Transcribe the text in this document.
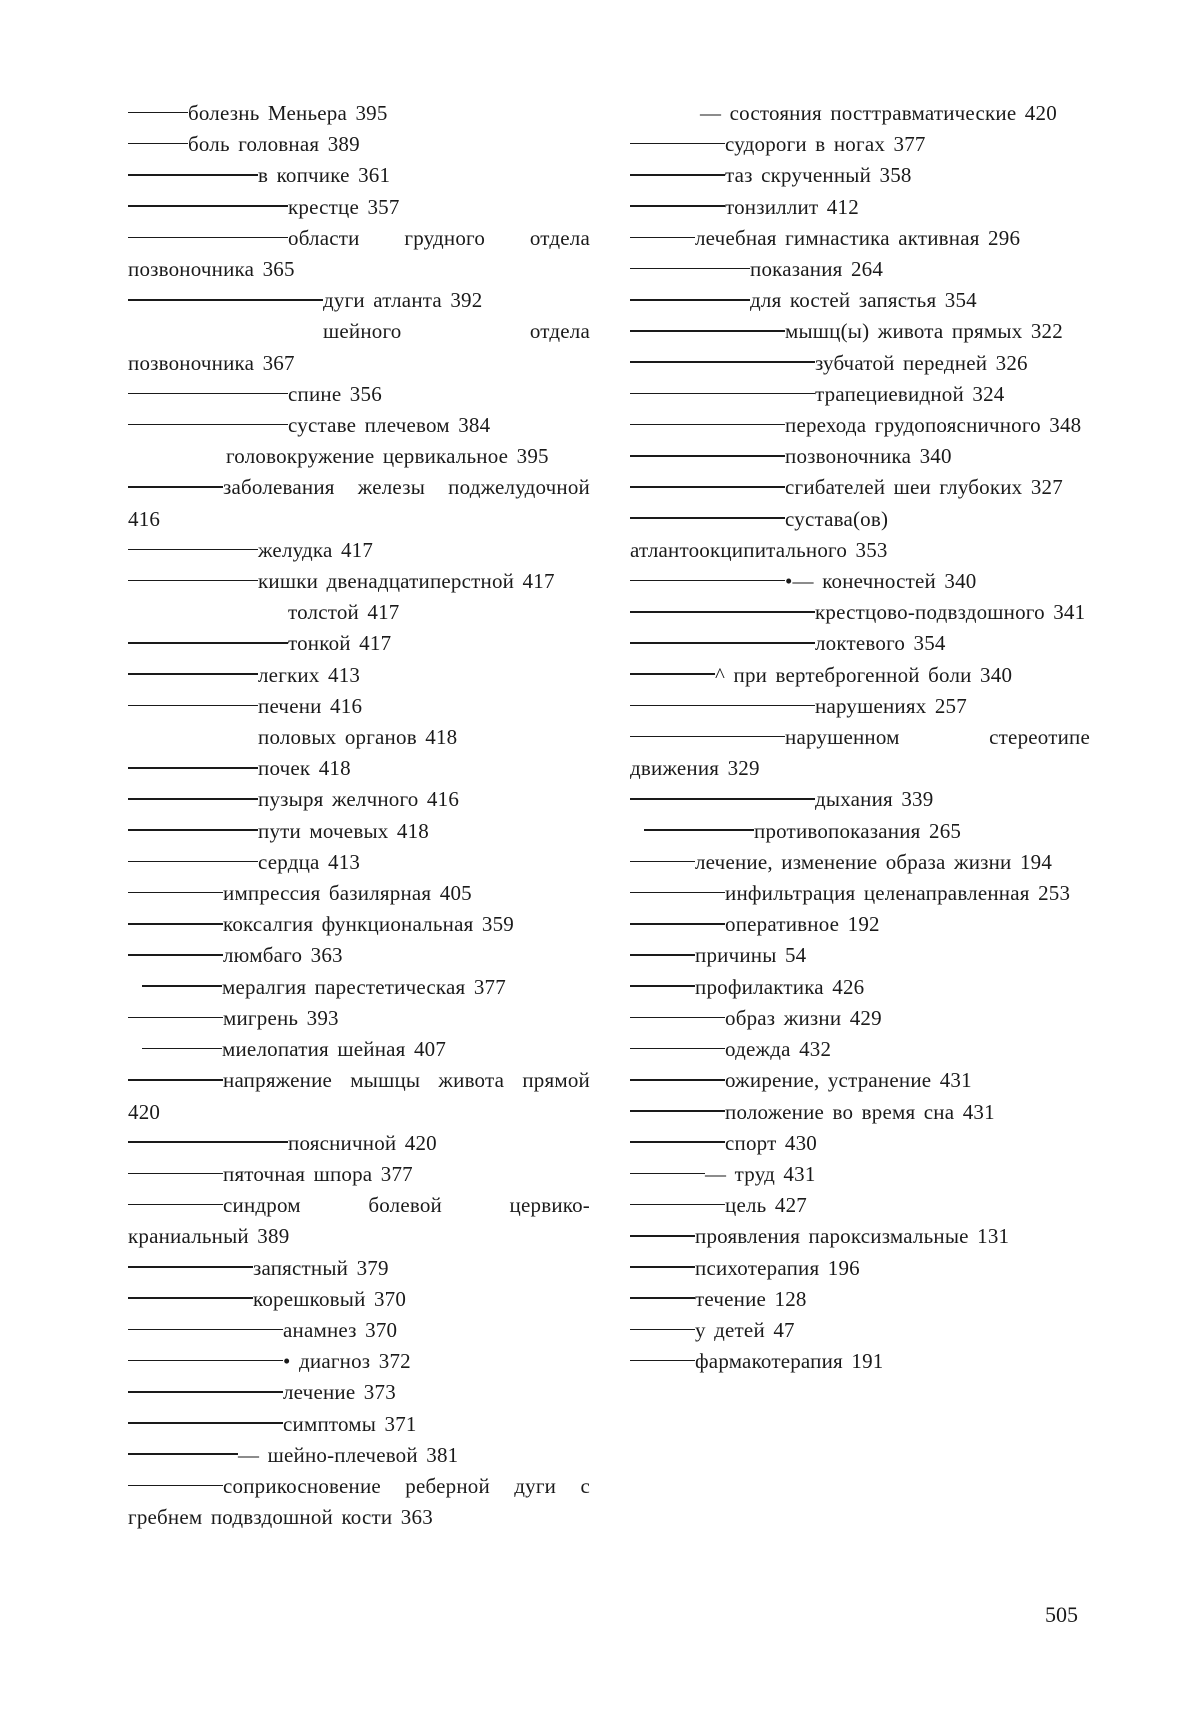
болезнь Меньера 395
боль головная 389
в копчике 361
крестце 357
области грудного отдела позвоночника 365
дуги атланта 392
шейного отдела позвоночника 367
спине 356
суставе плечевом 384
головокружение цервикальное 395
заболевания железы поджелудочной 416
желудка 417
кишки двенадцатиперстной 417
толстой 417
тонкой 417
легких 413
печени 416
половых органов 418
почек 418
пузыря желчного 416
пути мочевых 418
сердца 413
импрессия базилярная 405
коксалгия функциональная 359
люмбаго 363
мералгия парестетическая 377
мигрень 393
миелопатия шейная 407
напряжение мышцы живота прямой 420
поясничной 420
пяточная шпора 377
синдром болевой цервико-краниальный 389
запястный 379
корешковый 370
анамнез 370
• диагноз 372
лечение 373
симптомы 371
— шейно-плечевой 381
соприкосновение реберной дуги с гребнем подвздошной кости 363
— состояния посттравматические 420
судороги в ногах 377
таз скрученный 358
тонзиллит 412
лечебная гимнастика активная 296
показания 264
для костей запястья 354
мышц(ы) живота прямых 322
зубчатой передней 326
трапециевидной 324
перехода грудопоясничного 348
позвоночника 340
сгибателей шеи глубоких 327
сустава(ов) атлантоокципитального 353
•— конечностей 340
крестцово-подвздошного 341
локтевого 354
^ при вертеброгенной боли 340
нарушениях 257
нарушенном стереотипе движения 329
дыхания 339
противопоказания 265
лечение, изменение образа жизни 194
инфильтрация целенаправленная 253
оперативное 192
причины 54
профилактика 426
образ жизни 429
одежда 432
ожирение, устранение 431
положение во время сна 431
спорт 430
— труд 431
цель 427
проявления пароксизмальные 131
психотерапия 196
течение 128
у детей 47
фармакотерапия 191
505
